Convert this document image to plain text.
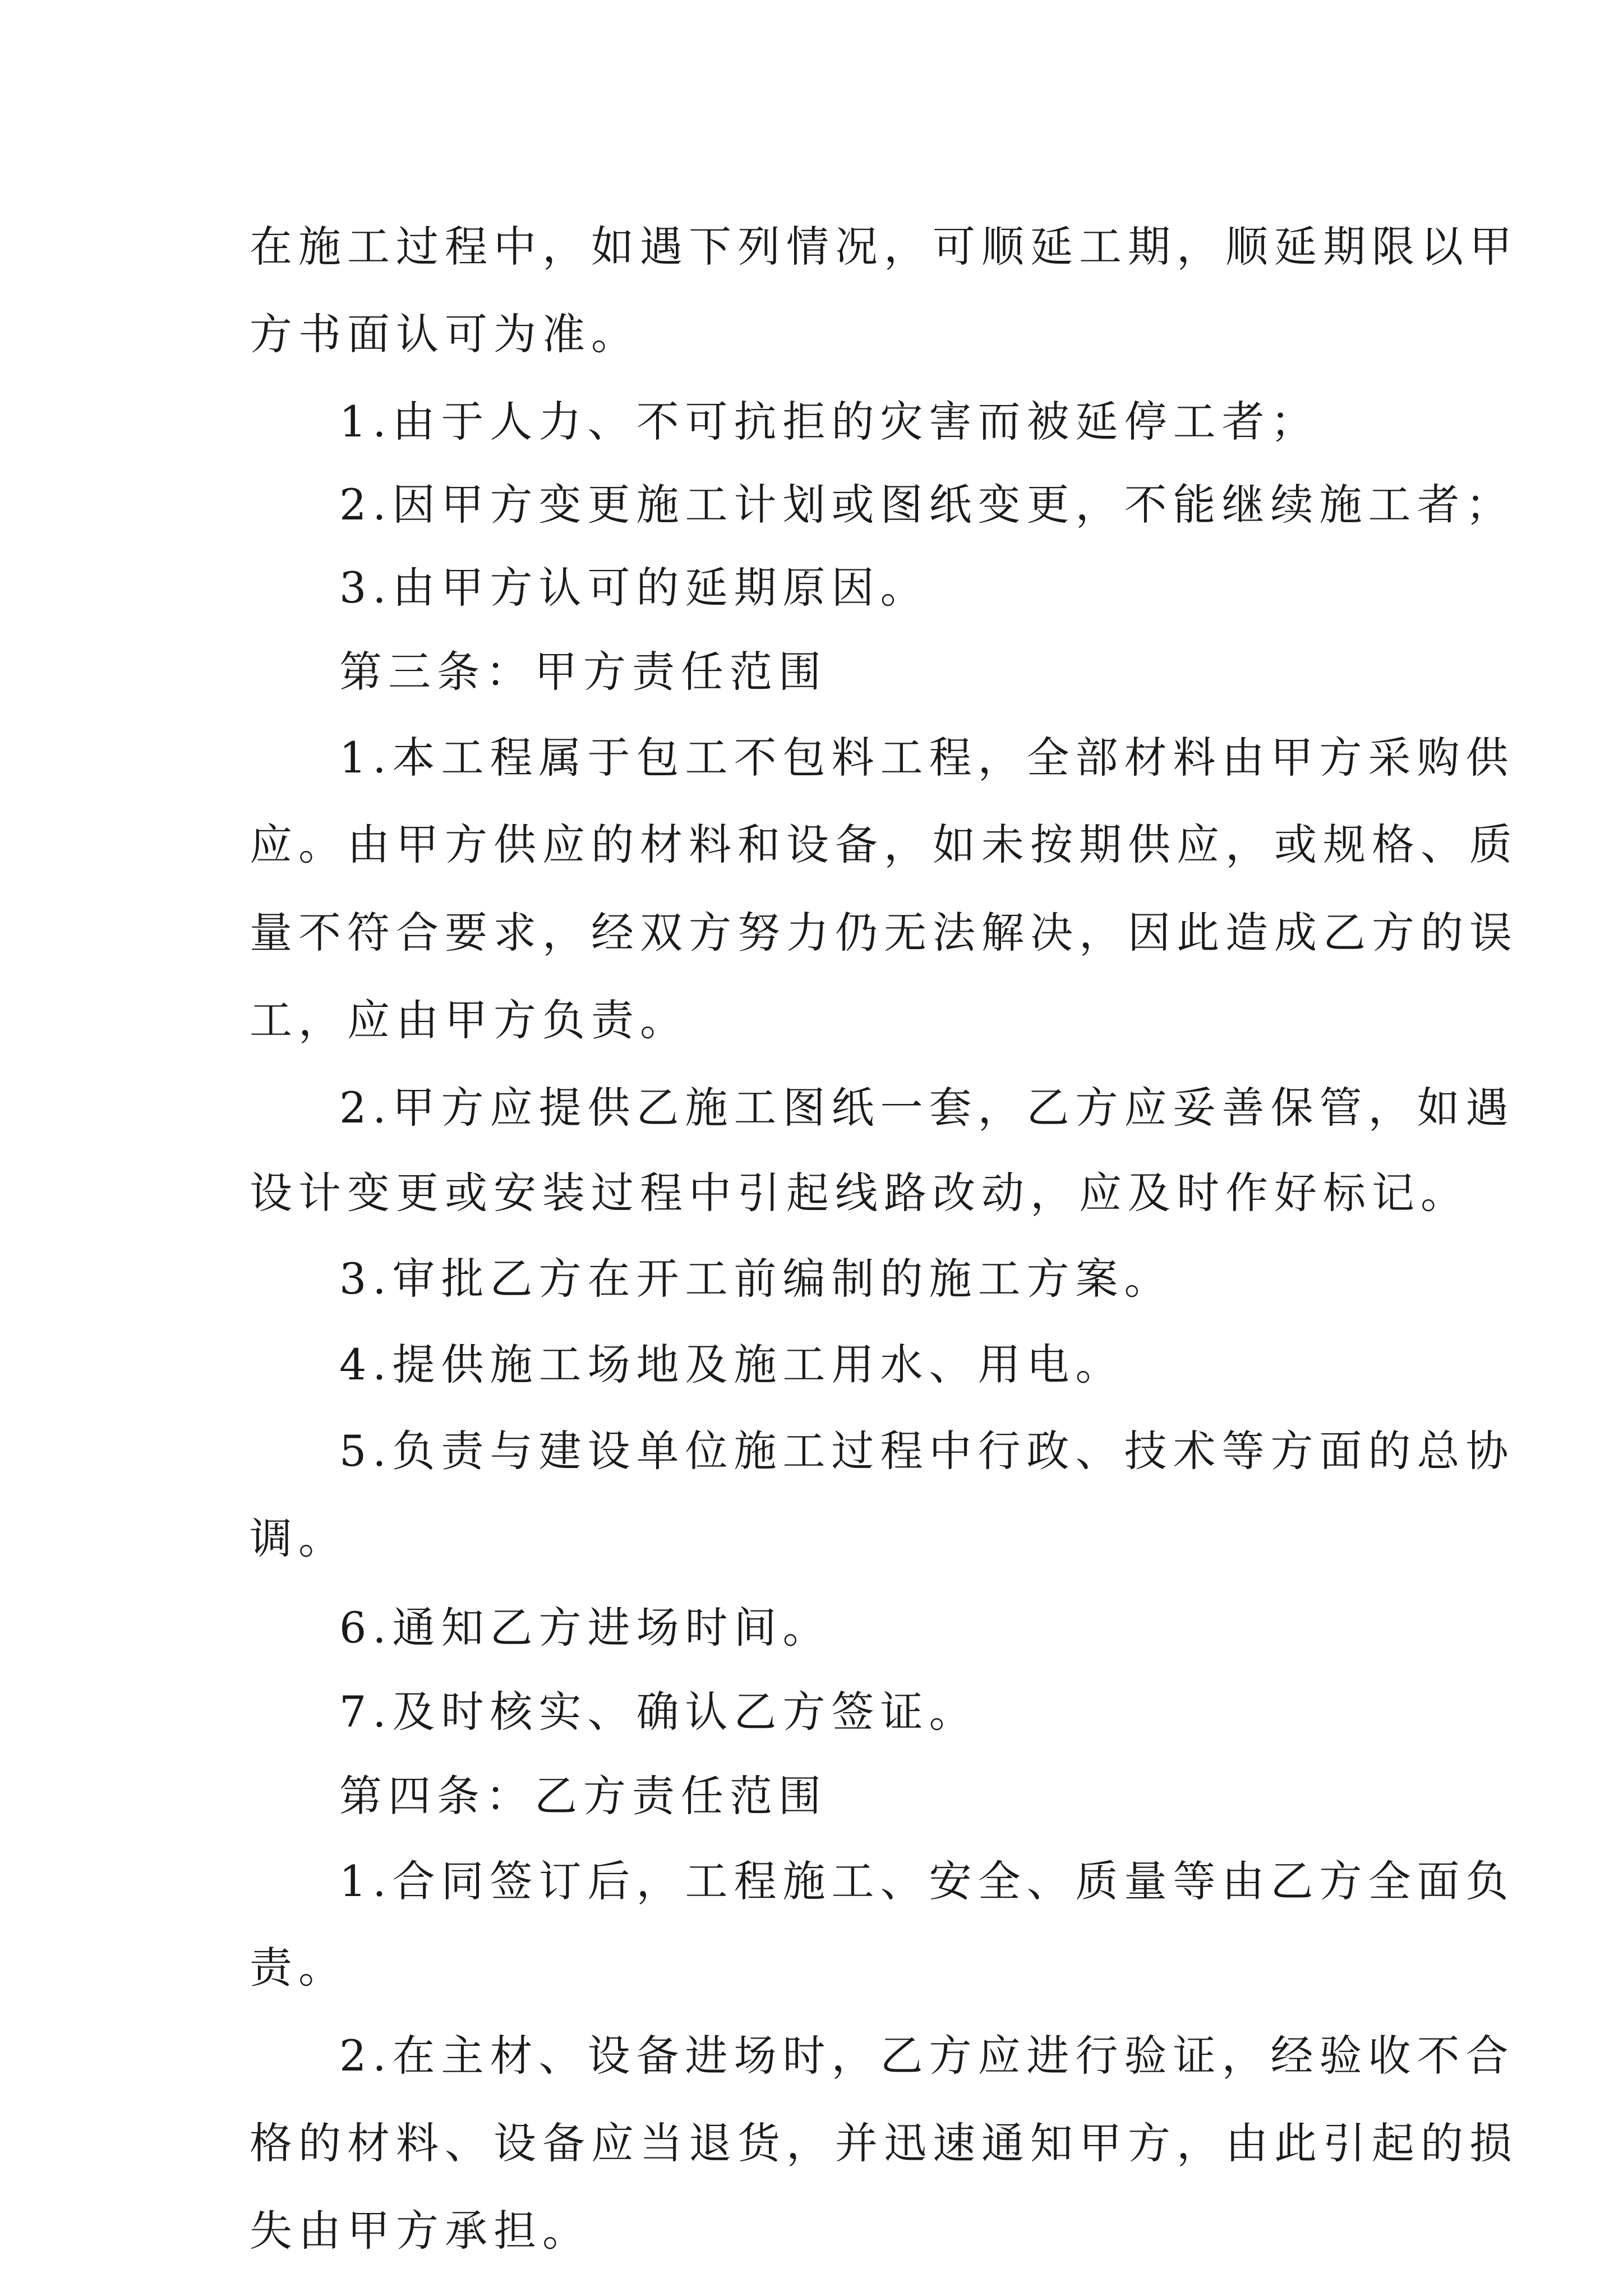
在施工过程中，如遇下列情况，可顺延工期，顺延期限以甲
方书面认可为准。
1.由于人力、不可抗拒的灾害而被延停工者；
2.因甲方变更施工计划或图纸变更，不能继续施工者；
3.由甲方认可的延期原因。
第三条：甲方责任范围
1.本工程属于包工不包料工程，全部材料由甲方采购供
应。由甲方供应的材料和设备，如未按期供应，或规格、质
量不符合要求，经双方努力仍无法解决，因此造成乙方的误
工，应由甲方负责。
2.甲方应提供乙施工图纸一套，乙方应妥善保管，如遇
设计变更或安装过程中引起线路改动，应及时作好标记。
3.审批乙方在开工前编制的施工方案。
4.提供施工场地及施工用水、用电。
5.负责与建设单位施工过程中行政、技术等方面的总协
调。
6.通知乙方进场时间。
7.及时核实、确认乙方签证。
第四条：乙方责任范围
1.合同签订后，工程施工、安全、质量等由乙方全面负
责。
2.在主材、设备进场时，乙方应进行验证，经验收不合
格的材料、设备应当退货，并迅速通知甲方，由此引起的损
失由甲方承担。
